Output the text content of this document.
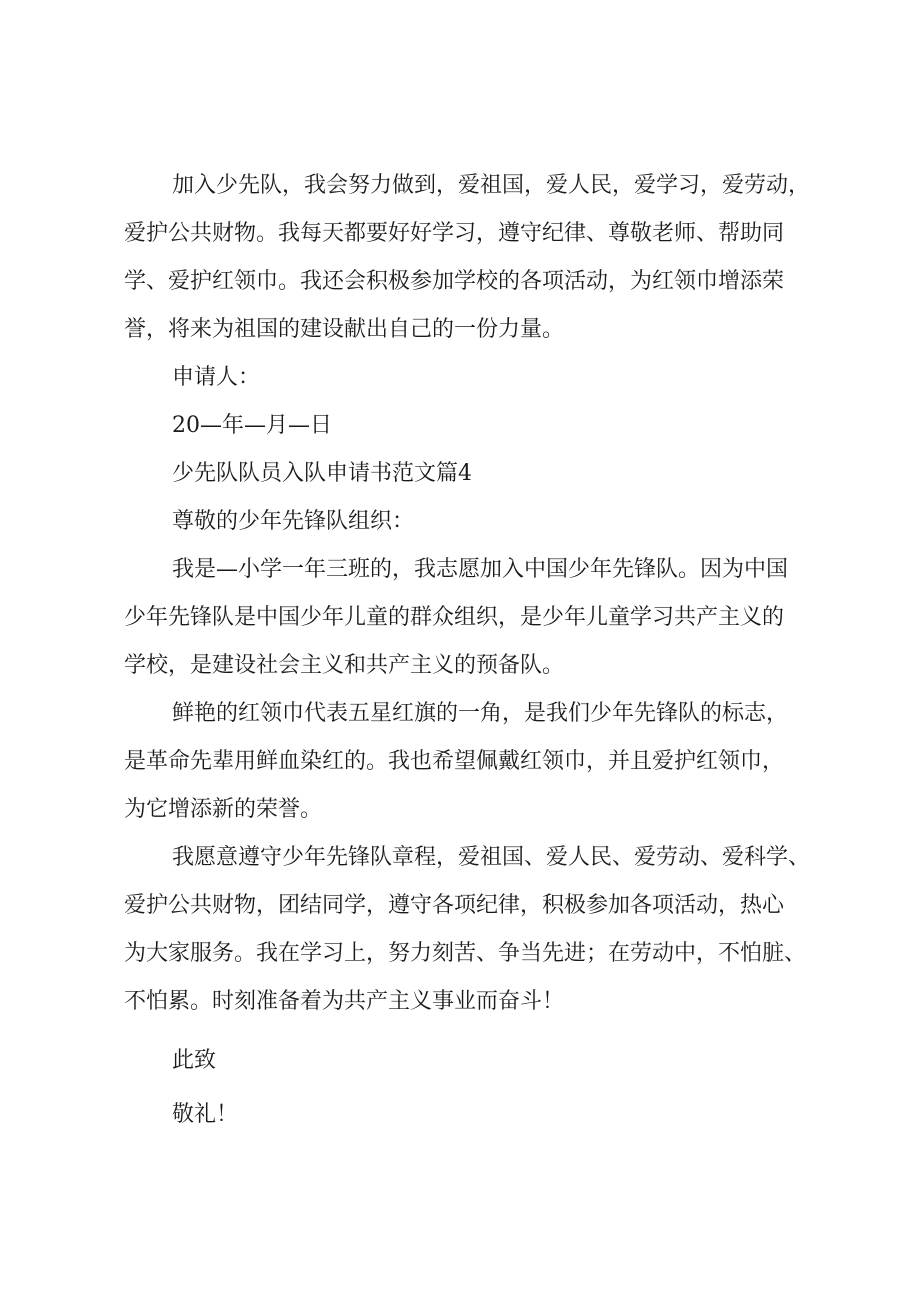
加入少先队，我会努力做到，爱祖国，爱人民，爱学习，爱劳动，

爱护公共财物。我每天都要好好学习，遵守纪律、尊敬老师、帮助同

学、爱护红领巾。我还会积极参加学校的各项活动，为红领巾增添荣

誉，将来为祖国的建设献出自己的一份力量。

申请人：

20—年—月—日

少先队队员入队申请书范文篇4

尊敬的少年先锋队组织：

我是—小学一年三班的，我志愿加入中国少年先锋队。因为中国

少年先锋队是中国少年儿童的群众组织，是少年儿童学习共产主义的

学校，是建设社会主义和共产主义的预备队。

鲜艳的红领巾代表五星红旗的一角，是我们少年先锋队的标志，

是革命先辈用鲜血染红的。我也希望佩戴红领巾，并且爱护红领巾，

为它增添新的荣誉。

我愿意遵守少年先锋队章程，爱祖国、爱人民、爱劳动、爱科学、

爱护公共财物，团结同学，遵守各项纪律，积极参加各项活动，热心

为大家服务。我在学习上，努力刻苦、争当先进；在劳动中，不怕脏、

不怕累。时刻准备着为共产主义事业而奋斗！

此致

敬礼！
